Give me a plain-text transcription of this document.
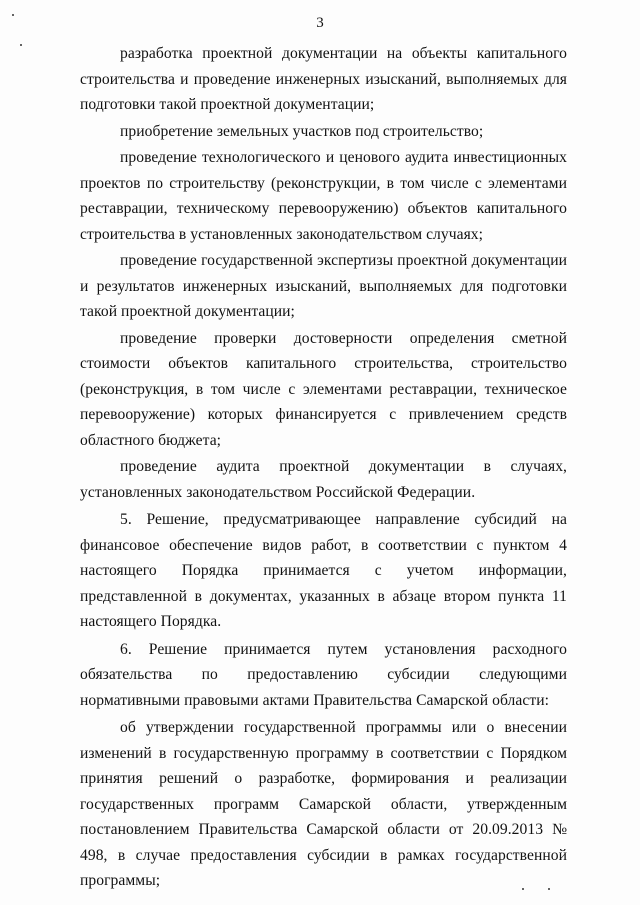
3

разработка проектной документации на объекты капитального строительства и проведение инженерных изысканий, выполняемых для подготовки такой проектной документации;

приобретение земельных участков под строительство;

проведение технологического и ценового аудита инвестиционных проектов по строительству (реконструкции, в том числе с элементами реставрации, техническому перевооружению) объектов капитального строительства в установленных законодательством случаях;

проведение государственной экспертизы проектной документации и результатов инженерных изысканий, выполняемых для подготовки такой проектной документации;

проведение проверки достоверности определения сметной стоимости объектов капитального строительства, строительство (реконструкция, в том числе с элементами реставрации, техническое перевооружение) которых финансируется с привлечением средств областного бюджета;

проведение аудита проектной документации в случаях, установленных законодательством Российской Федерации.

5. Решение, предусматривающее направление субсидий на финансовое обеспечение видов работ, в соответствии с пунктом 4 настоящего Порядка принимается с учетом информации, представленной в документах, указанных в абзаце втором пункта 11 настоящего Порядка.

6. Решение принимается путем установления расходного обязательства по предоставлению субсидии следующими нормативными правовыми актами Правительства Самарской области:

об утверждении государственной программы или о внесении изменений в государственную программу в соответствии с Порядком принятия решений о разработке, формирования и реализации государственных программ Самарской области, утвержденным постановлением Правительства Самарской области от 20.09.2013 № 498, в случае предоставления субсидии в рамках государственной программы;
